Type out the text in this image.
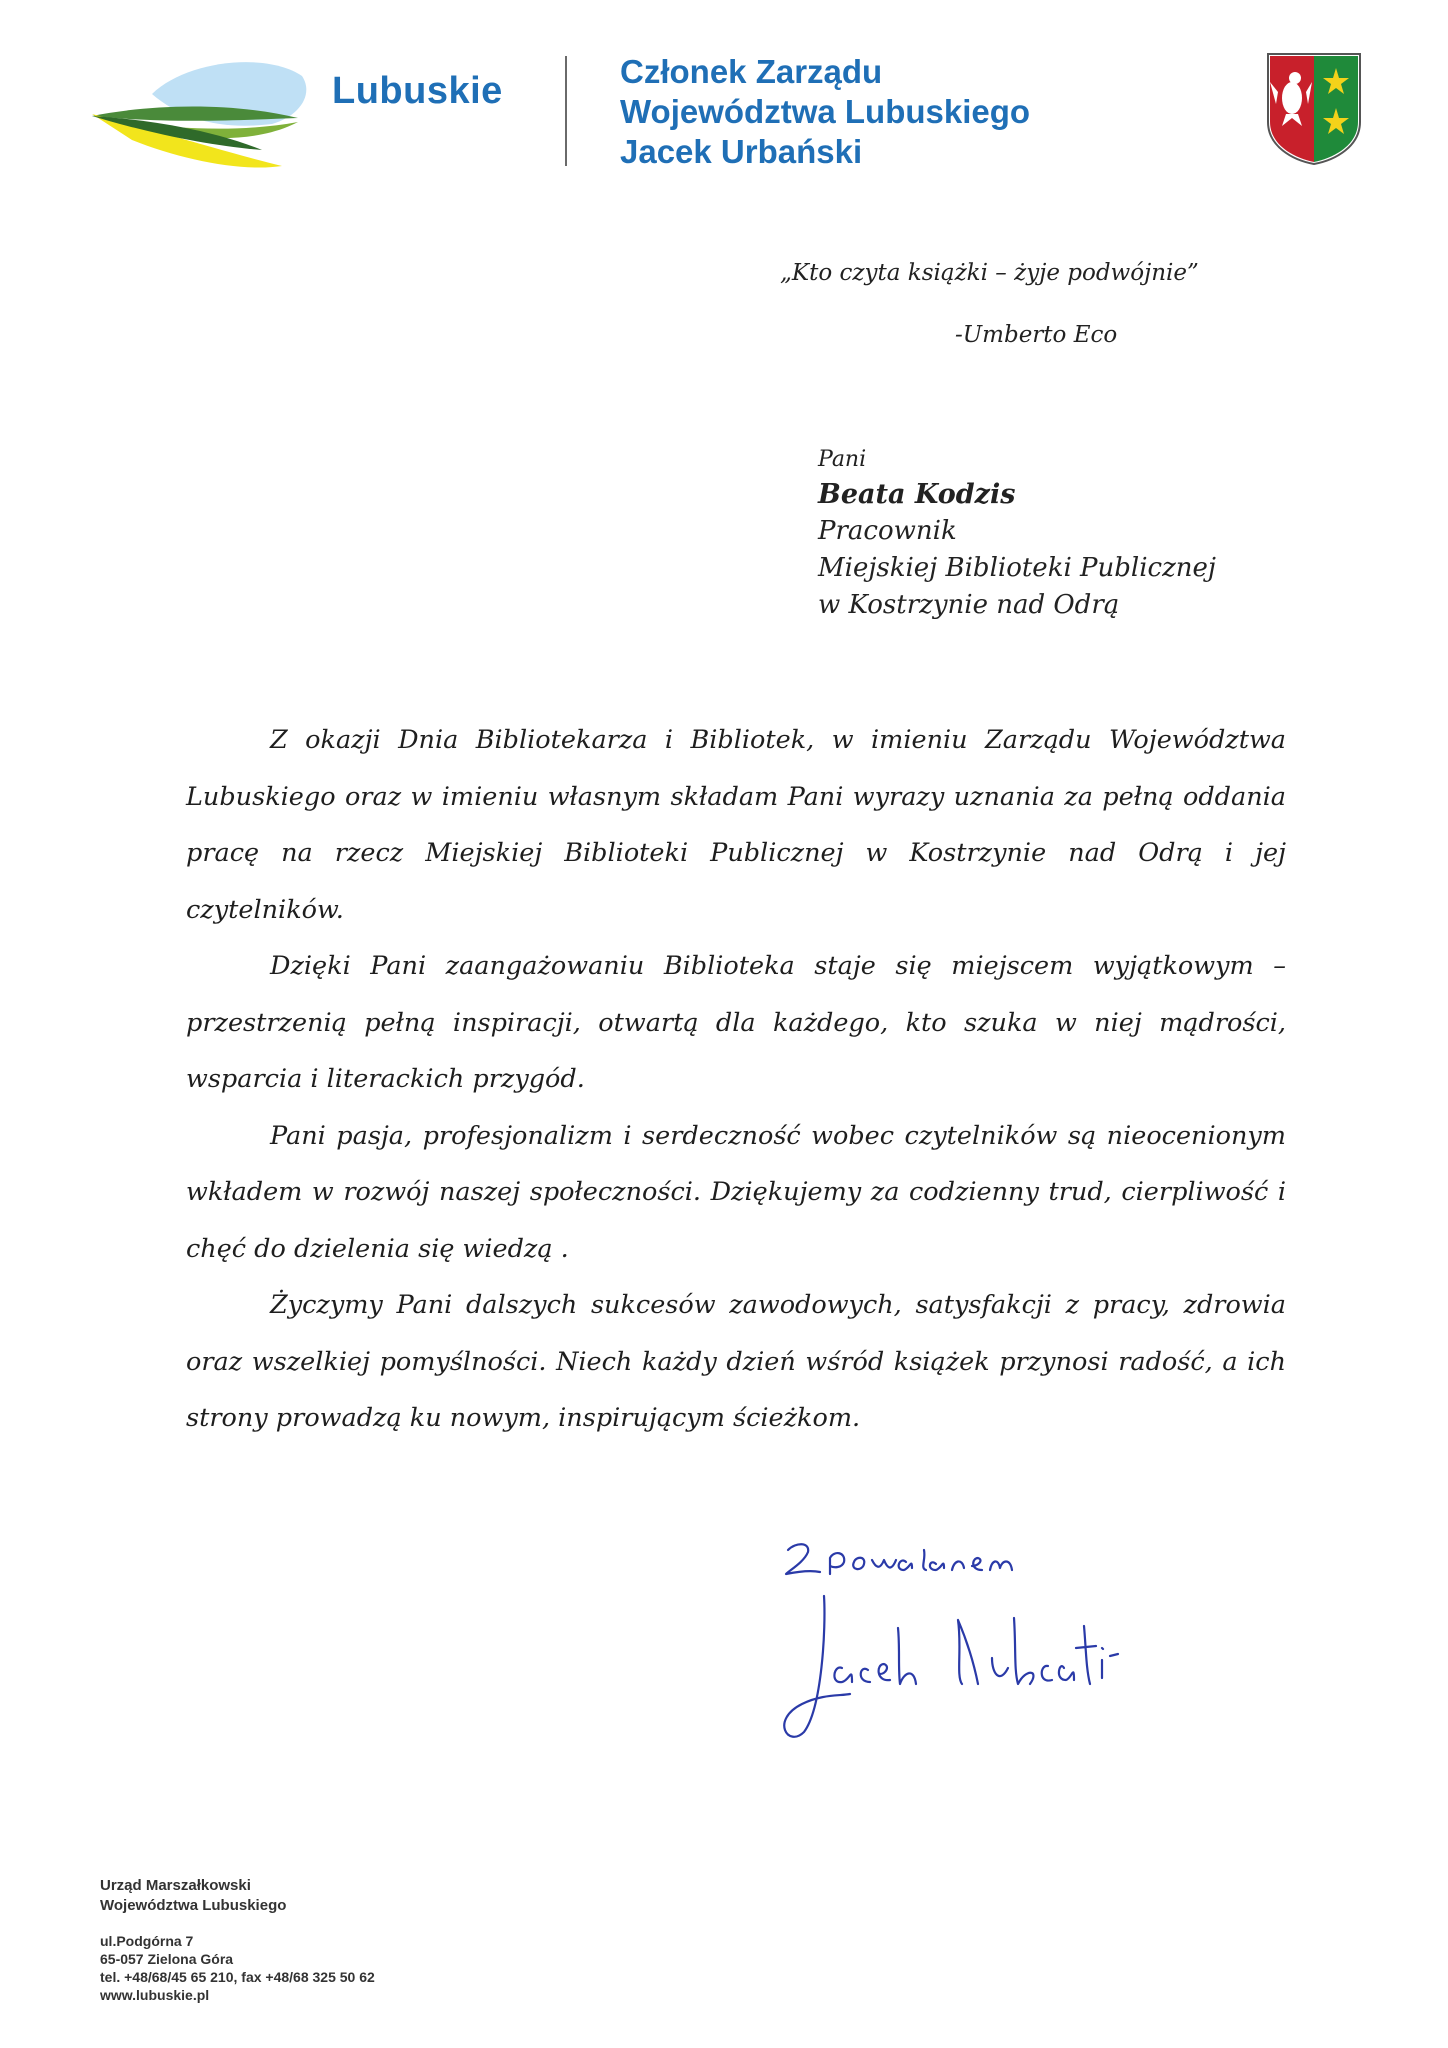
Lubuskie	Członek Zarządu
Województwa Lubuskiego
Jacek Urbański
„Kto czyta książki – żyje podwójnie”
-Umberto Eco
Pani
Beata Kodzis
Pracownik
Miejskiej Biblioteki Publicznej
w Kostrzynie nad Odrą

Z okazji Dnia Bibliotekarza i Bibliotek, w imieniu Zarządu Województwa Lubuskiego oraz w imieniu własnym składam Pani wyrazy uznania za pełną oddania pracę na rzecz Miejskiej Biblioteki Publicznej w Kostrzynie nad Odrą i jej czytelników.

Dzięki Pani zaangażowaniu Biblioteka staje się miejscem wyjątkowym – przestrzenią pełną inspiracji, otwartą dla każdego, kto szuka w niej mądrości, wsparcia i literackich przygód.

Pani pasja, profesjonalizm i serdeczność wobec czytelników są nieocenionym wkładem w rozwój naszej społeczności. Dziękujemy za codzienny trud, cierpliwość i chęć do dzielenia się wiedzą .

Życzymy Pani dalszych sukcesów zawodowych, satysfakcji z pracy, zdrowia oraz wszelkiej pomyślności. Niech każdy dzień wśród książek przynosi radość, a ich strony prowadzą ku nowym, inspirującym ścieżkom.

Urząd Marszałkowski
Województwa Lubuskiego
ul.Podgórna 7
65-057 Zielona Góra
tel. +48/68/45 65 210, fax +48/68 325 50 62
www.lubuskie.pl
